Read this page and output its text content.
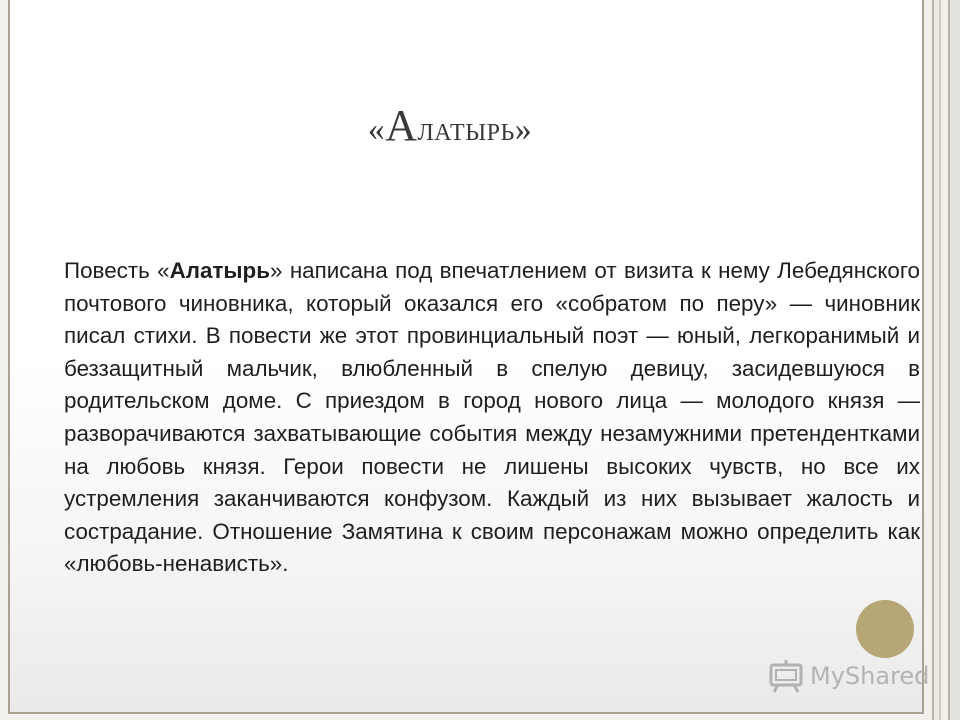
«Алатырь»
Повесть «Алатырь» написана под впечатлением от визита к нему Лебедянского почтового чиновника, который оказался его «собратом по перу» — чиновник писал стихи. В повести же этот провинциальный поэт — юный, легкоранимый и беззащитный мальчик, влюбленный в спелую девицу, засидевшуюся в родительском доме. С приездом в город нового лица — молодого князя — разворачиваются захватывающие события между незамужними претендентками на любовь князя. Герои повести не лишены высоких чувств, но все их устремления заканчиваются конфузом. Каждый из них вызывает жалость и сострадание. Отношение Замятина к своим персонажам можно определить как «любовь-ненависть».
MyShared
